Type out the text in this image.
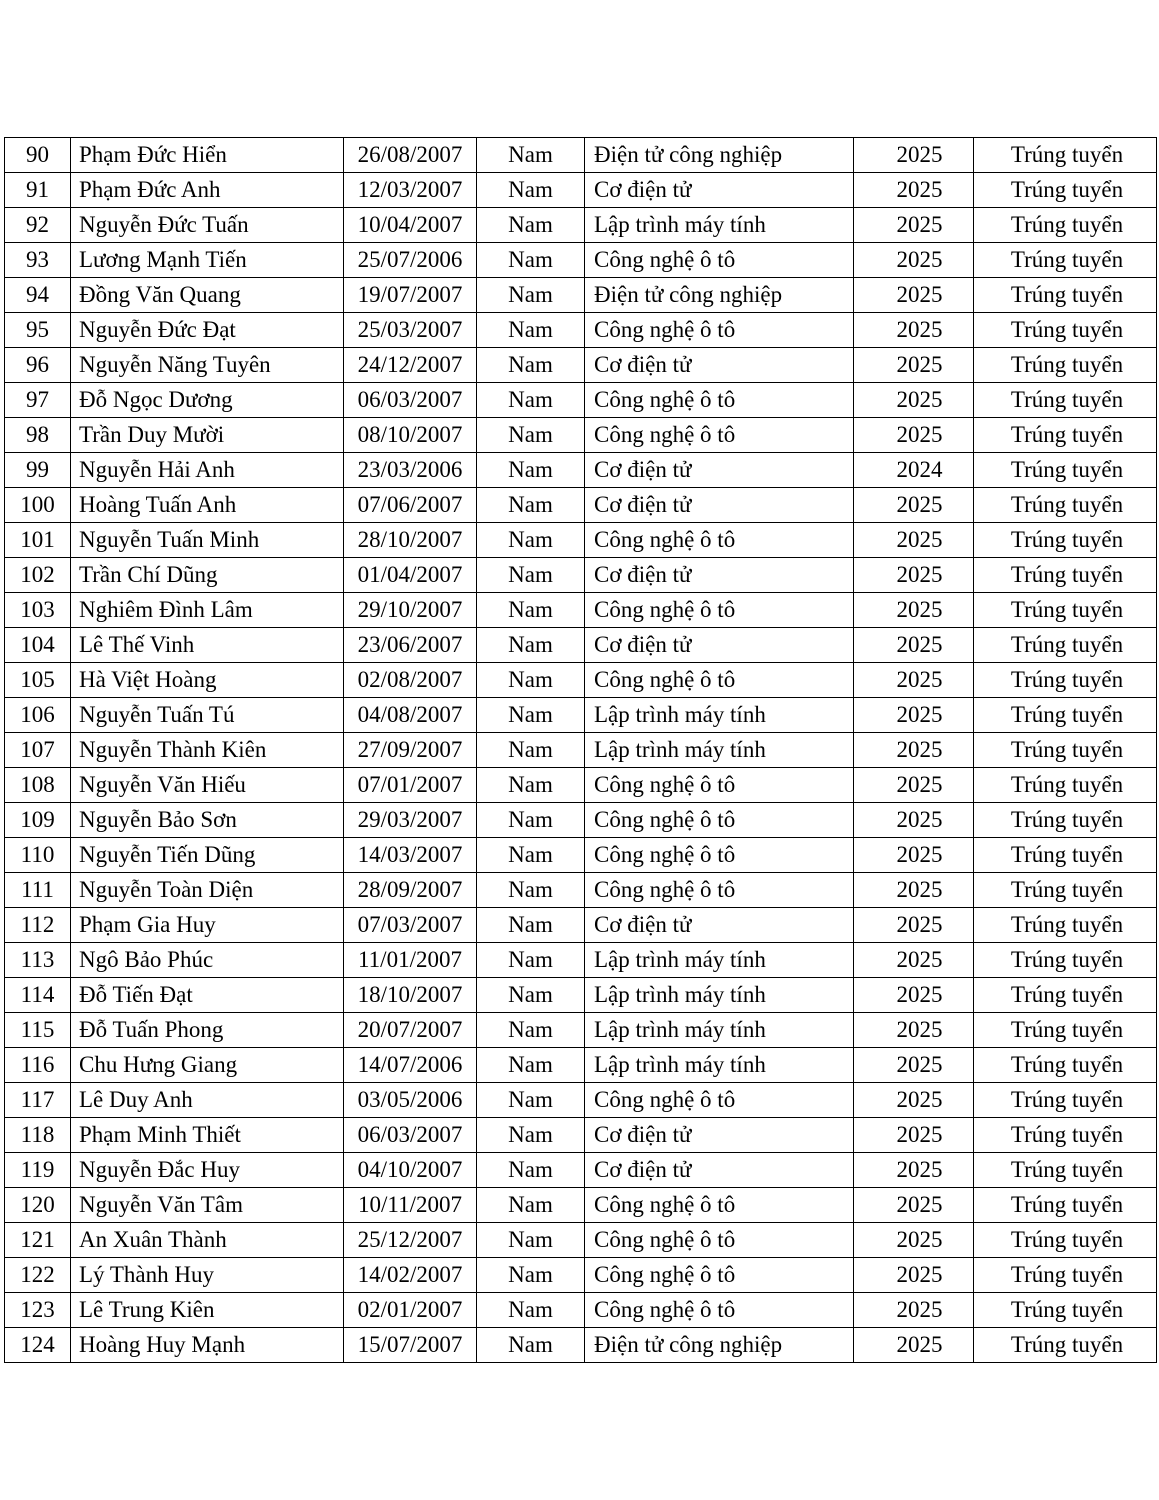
90	Phạm Đức Hiển	26/08/2007	Nam	Điện tử công nghiệp	2025	Trúng tuyển
91	Phạm Đức Anh	12/03/2007	Nam	Cơ điện tử	2025	Trúng tuyển
92	Nguyễn Đức Tuấn	10/04/2007	Nam	Lập trình máy tính	2025	Trúng tuyển
93	Lương Mạnh Tiến	25/07/2006	Nam	Công nghệ ô tô	2025	Trúng tuyển
94	Đồng Văn Quang	19/07/2007	Nam	Điện tử công nghiệp	2025	Trúng tuyển
95	Nguyễn Đức Đạt	25/03/2007	Nam	Công nghệ ô tô	2025	Trúng tuyển
96	Nguyễn Năng Tuyên	24/12/2007	Nam	Cơ điện tử	2025	Trúng tuyển
97	Đỗ Ngọc Dương	06/03/2007	Nam	Công nghệ ô tô	2025	Trúng tuyển
98	Trần Duy Mười	08/10/2007	Nam	Công nghệ ô tô	2025	Trúng tuyển
99	Nguyễn Hải Anh	23/03/2006	Nam	Cơ điện tử	2024	Trúng tuyển
100	Hoàng Tuấn Anh	07/06/2007	Nam	Cơ điện tử	2025	Trúng tuyển
101	Nguyễn Tuấn Minh	28/10/2007	Nam	Công nghệ ô tô	2025	Trúng tuyển
102	Trần Chí Dũng	01/04/2007	Nam	Cơ điện tử	2025	Trúng tuyển
103	Nghiêm Đình Lâm	29/10/2007	Nam	Công nghệ ô tô	2025	Trúng tuyển
104	Lê Thế Vinh	23/06/2007	Nam	Cơ điện tử	2025	Trúng tuyển
105	Hà Việt Hoàng	02/08/2007	Nam	Công nghệ ô tô	2025	Trúng tuyển
106	Nguyễn Tuấn Tú	04/08/2007	Nam	Lập trình máy tính	2025	Trúng tuyển
107	Nguyễn Thành Kiên	27/09/2007	Nam	Lập trình máy tính	2025	Trúng tuyển
108	Nguyễn Văn Hiếu	07/01/2007	Nam	Công nghệ ô tô	2025	Trúng tuyển
109	Nguyễn Bảo Sơn	29/03/2007	Nam	Công nghệ ô tô	2025	Trúng tuyển
110	Nguyễn Tiến Dũng	14/03/2007	Nam	Công nghệ ô tô	2025	Trúng tuyển
111	Nguyễn Toàn Diện	28/09/2007	Nam	Công nghệ ô tô	2025	Trúng tuyển
112	Phạm Gia Huy	07/03/2007	Nam	Cơ điện tử	2025	Trúng tuyển
113	Ngô Bảo Phúc	11/01/2007	Nam	Lập trình máy tính	2025	Trúng tuyển
114	Đỗ Tiến Đạt	18/10/2007	Nam	Lập trình máy tính	2025	Trúng tuyển
115	Đỗ Tuấn Phong	20/07/2007	Nam	Lập trình máy tính	2025	Trúng tuyển
116	Chu Hưng Giang	14/07/2006	Nam	Lập trình máy tính	2025	Trúng tuyển
117	Lê Duy Anh	03/05/2006	Nam	Công nghệ ô tô	2025	Trúng tuyển
118	Phạm Minh Thiết	06/03/2007	Nam	Cơ điện tử	2025	Trúng tuyển
119	Nguyễn Đắc Huy	04/10/2007	Nam	Cơ điện tử	2025	Trúng tuyển
120	Nguyễn Văn Tâm	10/11/2007	Nam	Công nghệ ô tô	2025	Trúng tuyển
121	An Xuân Thành	25/12/2007	Nam	Công nghệ ô tô	2025	Trúng tuyển
122	Lý Thành Huy	14/02/2007	Nam	Công nghệ ô tô	2025	Trúng tuyển
123	Lê Trung Kiên	02/01/2007	Nam	Công nghệ ô tô	2025	Trúng tuyển
124	Hoàng Huy Mạnh	15/07/2007	Nam	Điện tử công nghiệp	2025	Trúng tuyển
